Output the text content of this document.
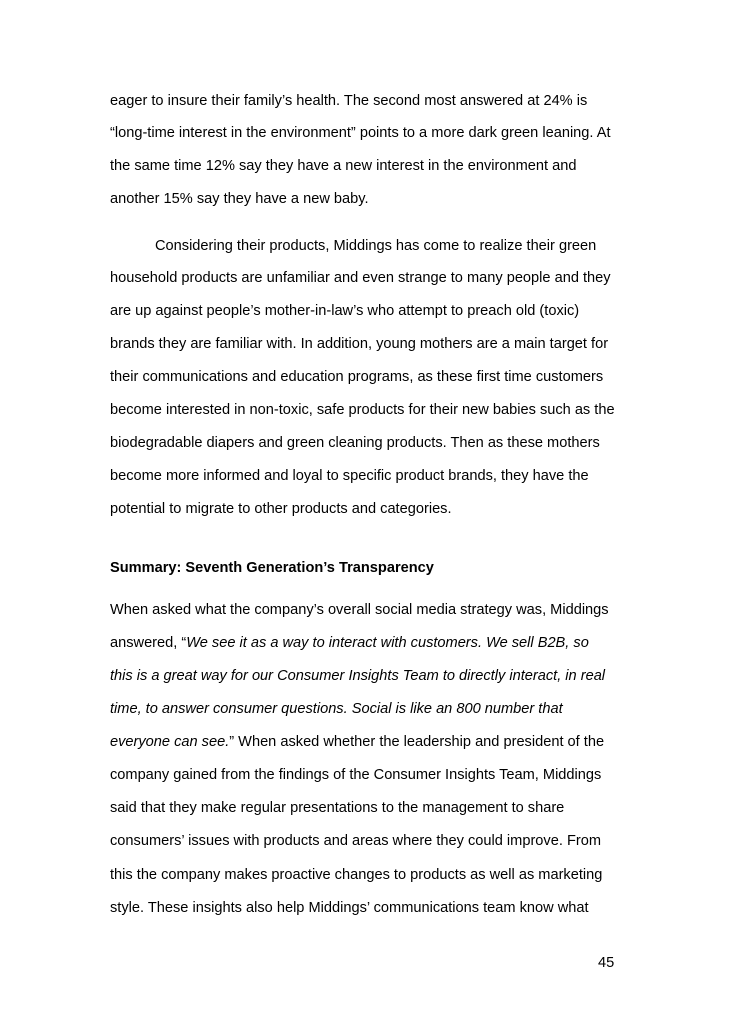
eager to insure their family’s health. The second most answered at 24% is
“long-time interest in the environment” points to a more dark green leaning. At
the same time 12% say they have a new interest in the environment and
another 15% say they have a new baby.
Considering their products, Middings has come to realize their green
household products are unfamiliar and even strange to many people and they
are up against people’s mother-in-law’s who attempt to preach old (toxic)
brands they are familiar with. In addition, young mothers are a main target for
their communications and education programs, as these first time customers
become interested in non-toxic, safe products for their new babies such as the
biodegradable diapers and green cleaning products. Then as these mothers
become more informed and loyal to specific product brands, they have the
potential to migrate to other products and categories.
Summary: Seventh Generation’s Transparency
When asked what the company’s overall social media strategy was, Middings
answered, “We see it as a way to interact with customers. We sell B2B, so
this is a great way for our Consumer Insights Team to directly interact, in real
time, to answer consumer questions. Social is like an 800 number that
everyone can see.” When asked whether the leadership and president of the
company gained from the findings of the Consumer Insights Team, Middings
said that they make regular presentations to the management to share
consumers’ issues with products and areas where they could improve. From
this the company makes proactive changes to products as well as marketing
style. These insights also help Middings’ communications team know what
45
